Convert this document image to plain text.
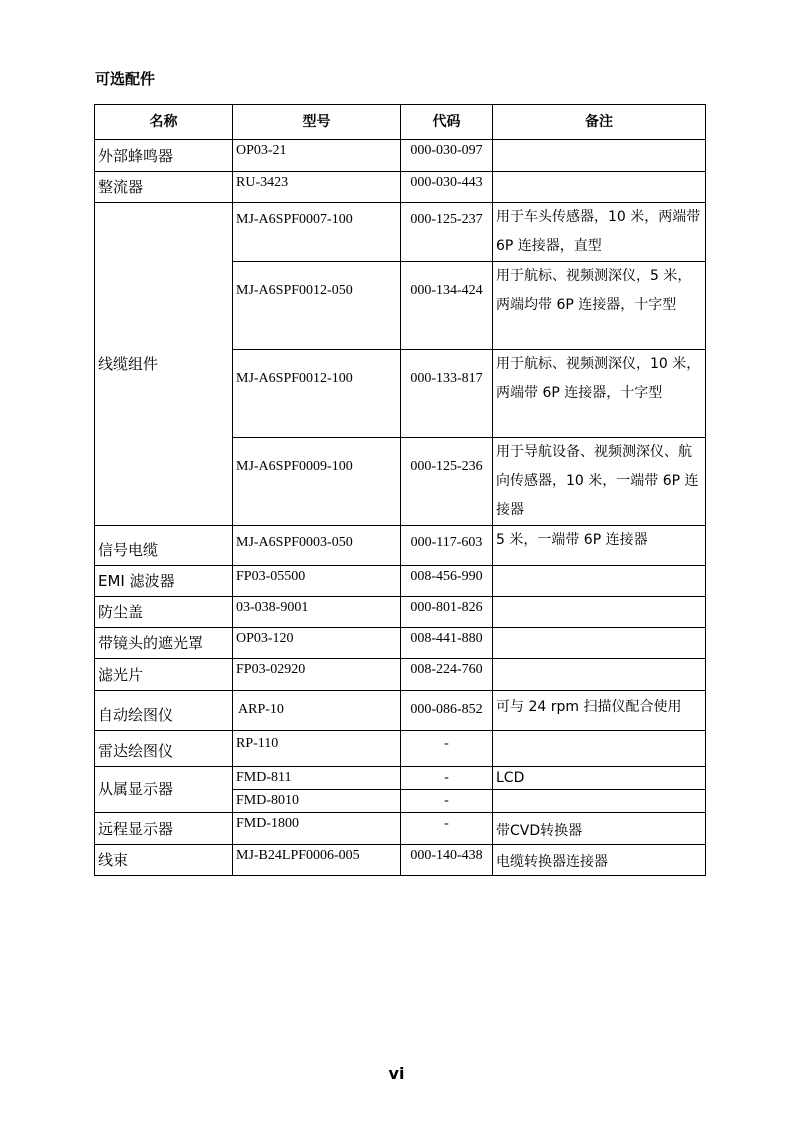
可选配件
名称	型号	代码	备注
外部蜂鸣器	OP03-21	000-030-097	
整流器	RU-3423	000-030-443	
线缆组件	MJ-A6SPF0007-100	000-125-237	用于车头传感器，10 米，两端带 6P 连接器，直型
	MJ-A6SPF0012-050	000-134-424	用于航标、视频测深仪，5 米，两端均带 6P 连接器，十字型
	MJ-A6SPF0012-100	000-133-817	用于航标、视频测深仪，10 米，两端带 6P 连接器，十字型
	MJ-A6SPF0009-100	000-125-236	用于导航设备、视频测深仪、航向传感器，10 米，一端带 6P 连接器
信号电缆	MJ-A6SPF0003-050	000-117-603	5 米，一端带 6P 连接器
EMI 滤波器	FP03-05500	008-456-990	
防尘盖	03-038-9001	000-801-826	
带镜头的遮光罩	OP03-120	008-441-880	
滤光片	FP03-02920	008-224-760	
自动绘图仪	ARP-10	000-086-852	可与 24 rpm 扫描仪配合使用
雷达绘图仪	RP-110	-	
从属显示器	FMD-811	-	LCD
	FMD-8010	-	
远程显示器	FMD-1800	-	带CVD转换器
线束	MJ-B24LPF0006-005	000-140-438	电缆转换器连接器
vi
